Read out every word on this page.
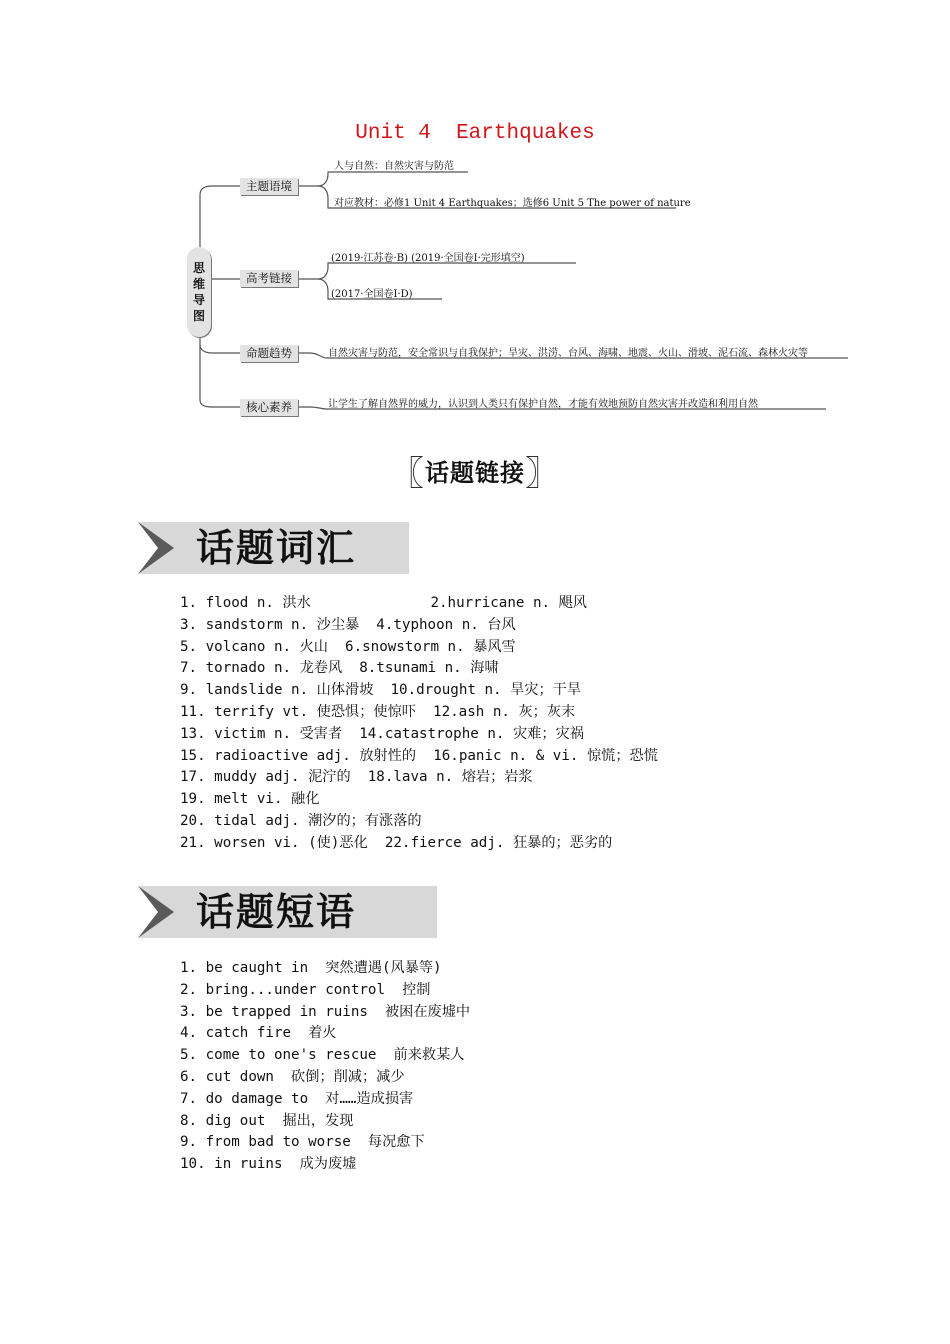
Unit 4  Earthquakes
思
维
导
图
主题语境
人与自然：自然灾害与防范
对应教材：必修1 Unit 4 Earthquakes；选修6 Unit 5 The power of nature
高考链接
(2019·江苏卷·B) (2019·全国卷Ⅰ·完形填空)
(2017·全国卷Ⅰ·D)
命题趋势	自然灾害与防范，安全常识与自我保护；旱灾、洪涝、台风、海啸、地震、火山、滑坡、泥石流、森林火灾等
核心素养	让学生了解自然界的威力，认识到人类只有保护自然，才能有效地预防自然灾害并改造和利用自然
〖话题链接〗
话题词汇
1. flood n. 洪水              2.hurricane n. 飓风
3. sandstorm n. 沙尘暴  4.typhoon n. 台风
5. volcano n. 火山  6.snowstorm n. 暴风雪
7. tornado n. 龙卷风  8.tsunami n. 海啸
9. landslide n. 山体滑坡  10.drought n. 旱灾；干旱
11. terrify vt. 使恐惧；使惊吓  12.ash n. 灰；灰末
13. victim n. 受害者  14.catastrophe n. 灾难；灾祸
15. radioactive adj. 放射性的  16.panic n. & vi. 惊慌；恐慌
17. muddy adj. 泥泞的  18.lava n. 熔岩；岩浆
19. melt vi. 融化
20. tidal adj. 潮汐的；有涨落的
21. worsen vi. (使)恶化  22.fierce adj. 狂暴的；恶劣的
话题短语
1. be caught in  突然遭遇(风暴等)
2. bring...under control  控制
3. be trapped in ruins  被困在废墟中
4. catch fire  着火
5. come to one's rescue  前来救某人
6. cut down  砍倒；削减；减少
7. do damage to  对……造成损害
8. dig out  掘出，发现
9. from bad to worse  每况愈下
10. in ruins  成为废墟
